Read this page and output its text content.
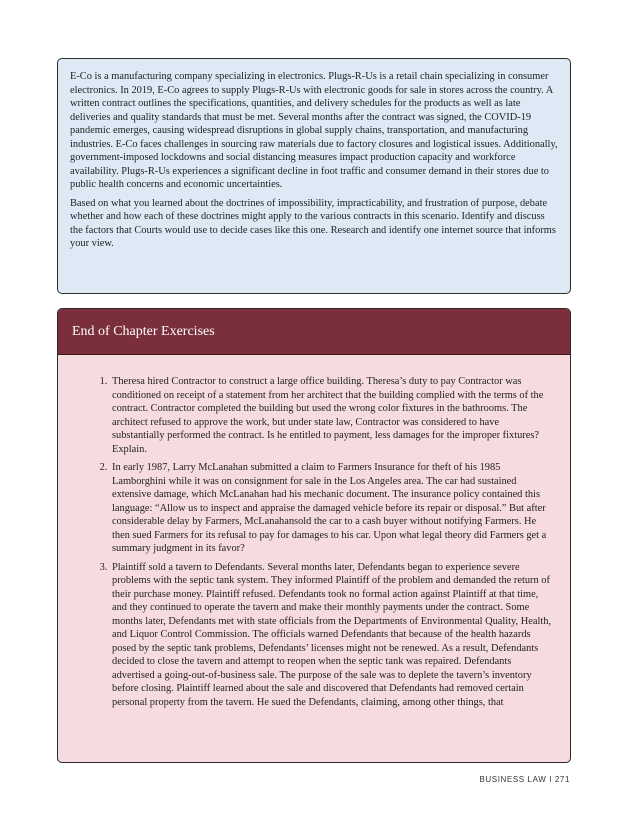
E-Co is a manufacturing company specializing in electronics. Plugs-R-Us is a retail chain specializing in consumer electronics. In 2019, E-Co agrees to supply Plugs-R-Us with electronic goods for sale in stores across the country. A written contract outlines the specifications, quantities, and delivery schedules for the products as well as late deliveries and quality standards that must be met. Several months after the contract was signed, the COVID-19 pandemic emerges, causing widespread disruptions in global supply chains, transportation, and manufacturing industries. E-Co faces challenges in sourcing raw materials due to factory closures and logistical issues. Additionally, government-imposed lockdowns and social distancing measures impact production capacity and workforce availability. Plugs-R-Us experiences a significant decline in foot traffic and consumer demand in their stores due to public health concerns and economic uncertainties.

Based on what you learned about the doctrines of impossibility, impracticability, and frustration of purpose, debate whether and how each of these doctrines might apply to the various contracts in this scenario. Identify and discuss the factors that Courts would use to decide cases like this one. Research and identify one internet source that informs your view.

End of Chapter Exercises
1. Theresa hired Contractor to construct a large office building. Theresa’s duty to pay Contractor was conditioned on receipt of a statement from her architect that the building complied with the terms of the contract. Contractor completed the building but used the wrong color fixtures in the bathrooms. The architect refused to approve the work, but under state law, Contractor was considered to have substantially performed the contract. Is he entitled to payment, less damages for the improper fixtures? Explain.
2. In early 1987, Larry McLanahan submitted a claim to Farmers Insurance for theft of his 1985 Lamborghini while it was on consignment for sale in the Los Angeles area. The car had sustained extensive damage, which McLanahan had his mechanic document. The insurance policy contained this language: “Allow us to inspect and appraise the damaged vehicle before its repair or disposal.” But after considerable delay by Farmers, McLanahansold the car to a cash buyer without notifying Farmers. He then sued Farmers for its refusal to pay for damages to his car. Upon what legal theory did Farmers get a summary judgment in its favor?
3. Plaintiff sold a tavern to Defendants. Several months later, Defendants began to experience severe problems with the septic tank system. They informed Plaintiff of the problem and demanded the return of their purchase money. Plaintiff refused. Defendants took no formal action against Plaintiff at that time, and they continued to operate the tavern and make their monthly payments under the contract. Some months later, Defendants met with state officials from the Departments of Environmental Quality, Health, and Liquor Control Commission. The officials warned Defendants that because of the health hazards posed by the septic tank problems, Defendants’ licenses might not be renewed. As a result, Defendants decided to close the tavern and attempt to reopen when the septic tank was repaired. Defendants advertised a going-out-of-business sale. The purpose of the sale was to deplete the tavern’s inventory before closing. Plaintiff learned about the sale and discovered that Defendants had removed certain personal property from the tavern. He sued the Defendants, claiming, among other things, that
BUSINESS LAW I 271
